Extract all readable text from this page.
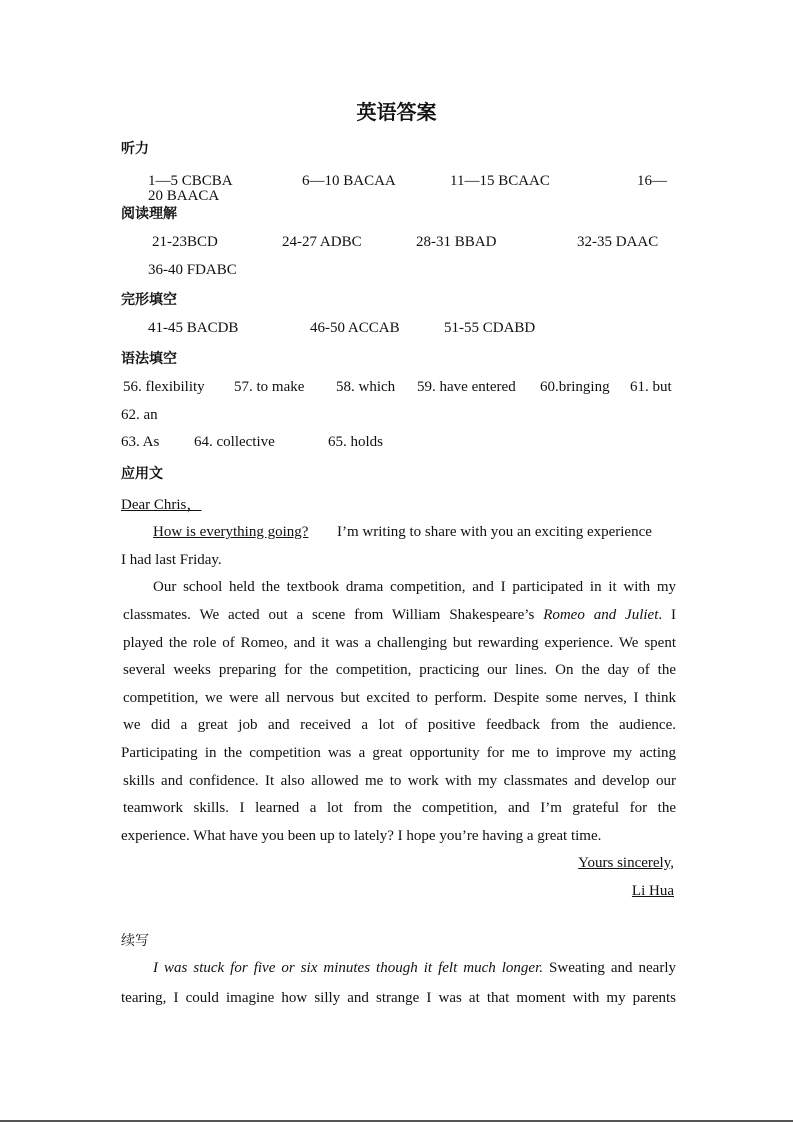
英语答案
听力
1—5 CBCBA	6—10 BACAA	11—15 BCAAC	16—
20 BAACA
阅读理解
21-23BCD	24-27 ADBC	28-31 BBAD	32-35 DAAC
36-40 FDABC
完形填空
41-45 BACDB	46-50 ACCAB	51-55 CDABD
语法填空
56. flexibility 57. to make 58. which 59. have entered 60.bringing 61. but
62. an
63. As 64. collective	65. holds
应用文
Dear Chris，
How is everything going? I’m writing to share with you an exciting experience
I had last Friday.
Our school held the textbook drama competition, and I participated in it with my
classmates. We acted out a scene from William Shakespeare’s Romeo and Juliet. I
played the role of Romeo, and it was a challenging but rewarding experience. We spent
several weeks preparing for the competition, practicing our lines. On the day of the
competition, we were all nervous but excited to perform. Despite some nerves, I think
we did a great job and received a lot of positive feedback from the audience.
Participating in the competition was a great opportunity for me to improve my acting
skills and confidence. It also allowed me to work with my classmates and develop our
teamwork skills. I learned a lot from the competition, and I’m grateful for the
experience. What have you been up to lately? I hope you’re having a great time.
Yours sincerely,
Li Hua
续写
I was stuck for five or six minutes though it felt much longer. Sweating and nearly
tearing, I could imagine how silly and strange I was at that moment with my parents
